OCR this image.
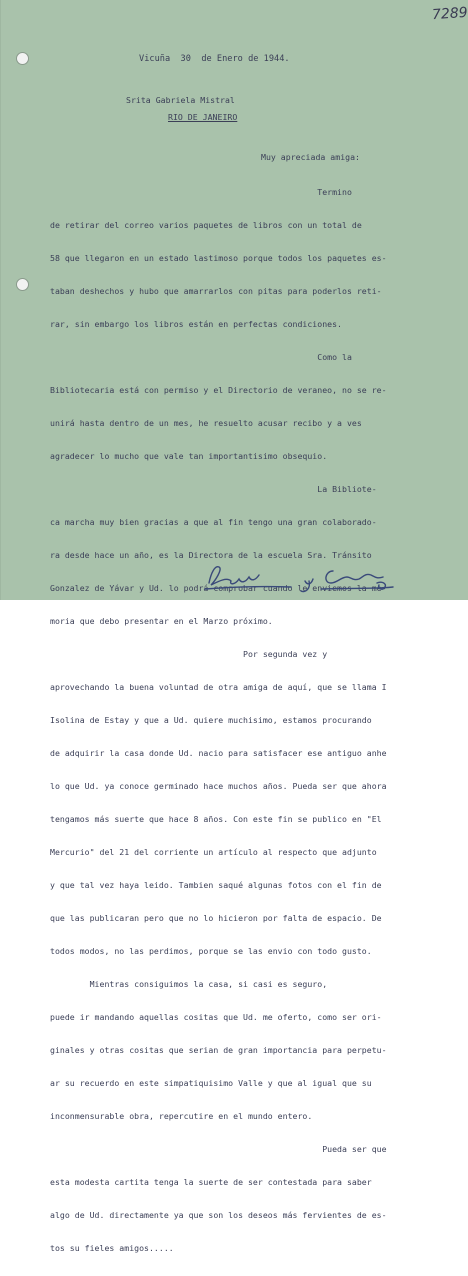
7289
Vicuña  30  de Enero de 1944.
Srita Gabriela Mistral
RIO DE JANEIRO
Muy apreciada amiga:

Termino

de retirar del correo varios paquetes de libros con un total de

58 que llegaron en un estado lastimoso porque todos los paquetes es-

taban deshechos y hubo que amarrarlos con pitas para poderlos reti-

rar, sin embargo los libros están en perfectas condiciones.

Como la

Bibliotecaria está con permiso y el Directorio de veraneo, no se re-

unirá hasta dentro de un mes, he resuelto acusar recibo y a ves

agradecer lo mucho que vale tan importantisimo obsequio.

La Bibliote-

ca marcha muy bien gracias a que al fin tengo una gran colaborado-

ra desde hace un año, es la Directora de la escuela Sra. Tránsito

Gonzalez de Yávar y Ud. lo podrá comprobar cuando le enviemos la me-

moria que debo presentar en el Marzo próximo.

Por segunda vez y

aprovechando la buena voluntad de otra amiga de aquí, que se llama I

Isolina de Estay y que a Ud. quiere muchisimo, estamos procurando

de adquirir la casa donde Ud. nacio para satisfacer ese antiguo anhe

lo que Ud. ya conoce germinado hace muchos años. Pueda ser que ahora

tengamos más suerte que hace 8 años. Con este fin se publico en "El

Mercurio" del 21 del corriente un artículo al respecto que adjunto

y que tal vez haya leido. Tambien saqué algunas fotos con el fin de

que las publicaran pero que no lo hicieron por falta de espacio. De

todos modos, no las perdimos, porque se las envio con todo gusto.

Mientras consiguimos la casa, si casi es seguro,

puede ir mandando aquellas cositas que Ud. me oferto, como ser ori-

ginales y otras cositas que serian de gran importancia para perpetu-

ar su recuerdo en este simpatiquisimo Valle y que al igual que su

inconmensurable obra, repercutire en el mundo entero.

Pueda ser que

esta modesta cartita tenga la suerte de ser contestada para saber

algo de Ud. directamente ya que son los deseos más fervientes de es-

tos su fieles amigos.....
